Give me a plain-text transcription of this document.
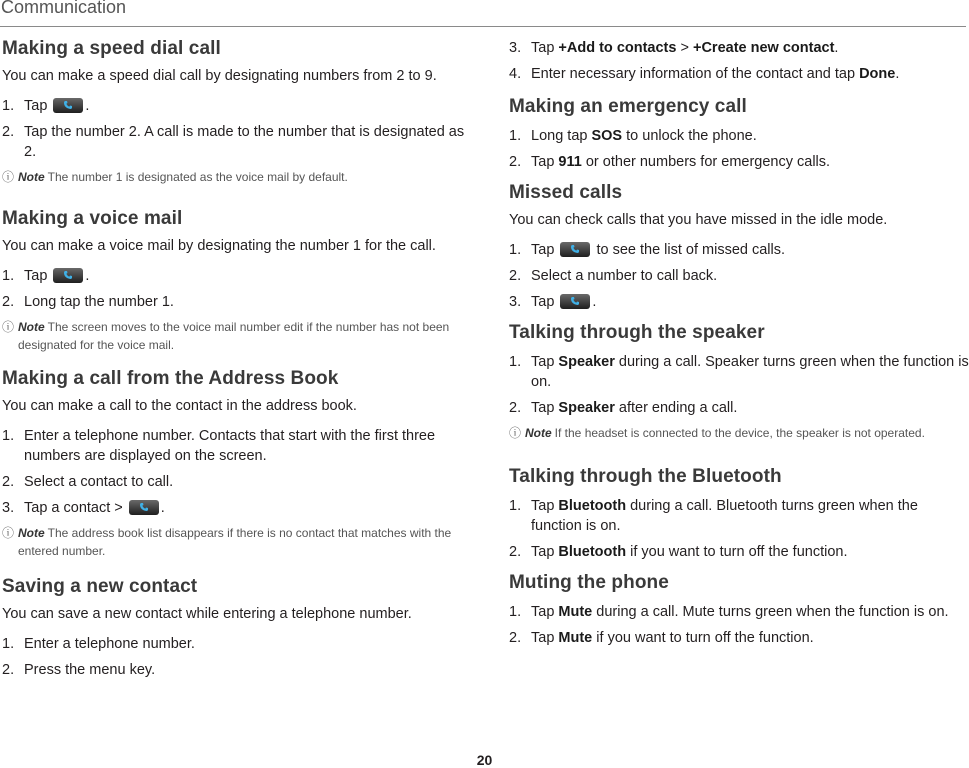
Communication
Making a speed dial call

You can make a speed dial call by designating numbers from 2 to 9.

1. Tap	.
2. Tap the number 2. A call is made to the number that is designated as 2.
ⓘ Note The number 1 is designated as the voice mail by default.
Making a voice mail

You can make a voice mail by designating the number 1 for the call.

1. Tap	.
2. Long tap the number 1.
ⓘ Note The screen moves to the voice mail number edit if the number has not been designated for the voice mail.
Making a call from the Address Book

You can make a call to the contact in the address book.

1. Enter a telephone number. Contacts that start with the first three numbers are displayed on the screen.
2. Select a contact to call.
3. Tap a contact >	.
ⓘ Note The address book list disappears if there is no contact that matches with the entered number.
Saving a new contact

You can save a new contact while entering a telephone number.

1. Enter a telephone number.
2. Press the menu key.
3. Tap +Add to contacts > +Create new contact.
4. Enter necessary information of the contact and tap Done.
Making an emergency call
1. Long tap SOS to unlock the phone.
2. Tap 911 or other numbers for emergency calls.
Missed calls

You can check calls that you have missed in the idle mode.

1. Tap	to see the list of missed calls.
2. Select a number to call back.
3. Tap	.
Talking through the speaker
1. Tap Speaker during a call. Speaker turns green when the function is on.
2. Tap Speaker after ending a call.
ⓘ Note If the headset is connected to the device, the speaker is not operated.
Talking through the Bluetooth
1. Tap Bluetooth during a call. Bluetooth turns green when the function is on.
2. Tap Bluetooth if you want to turn off the function.
Muting the phone
1. Tap Mute during a call. Mute turns green when the function is on.
2. Tap Mute if you want to turn off the function.
20
